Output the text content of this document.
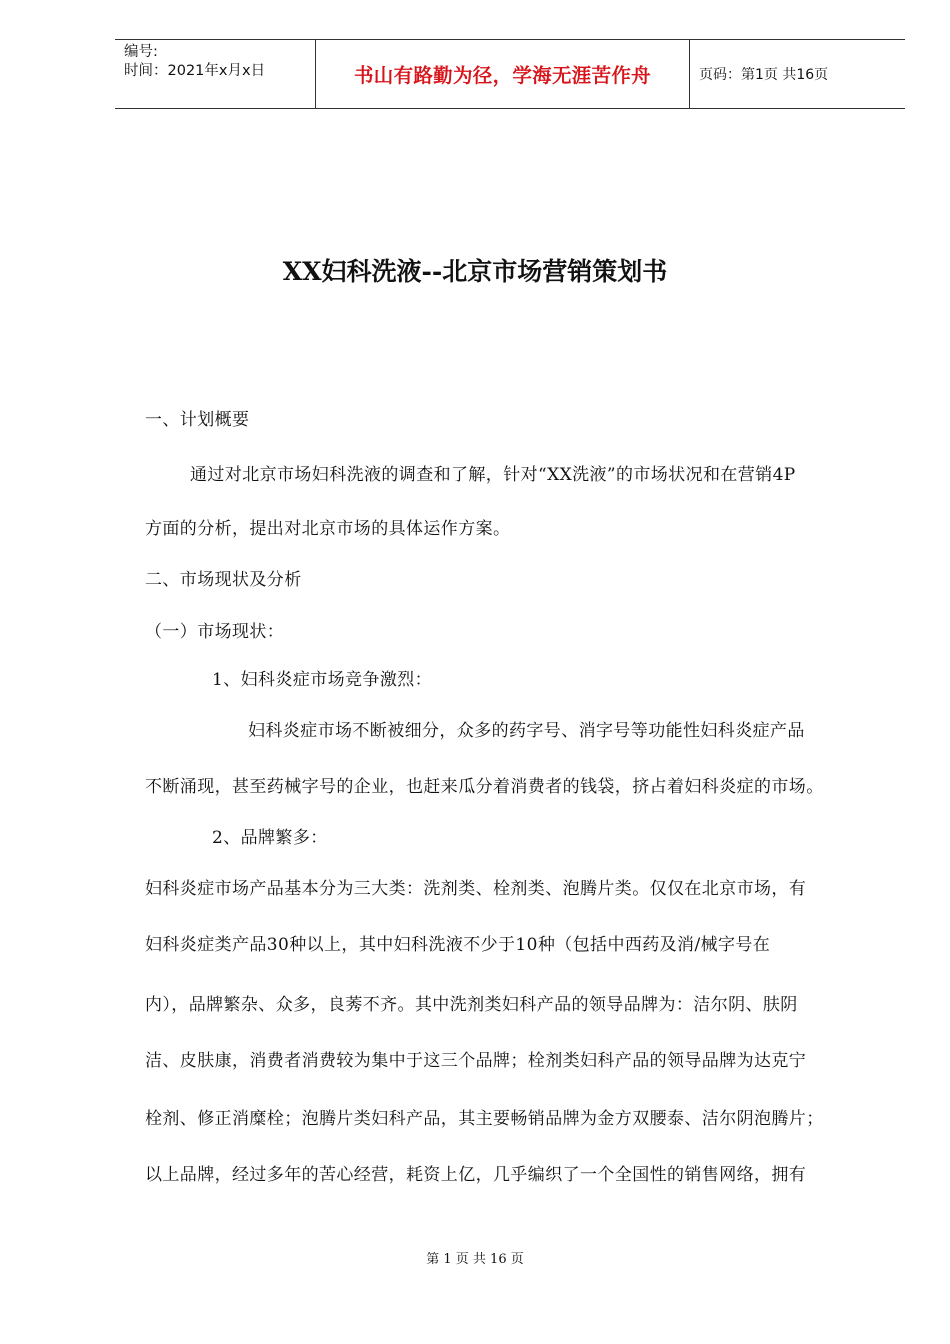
编号:
时间：2021年x月x日	书山有路勤为径，学海无涯苦作舟	页码：第1页 共16页
XX妇科洗液--北京市场营销策划书

一、计划概要

通过对北京市场妇科洗液的调查和了解，针对“XX洗液”的市场状况和在营销4P

方面的分析，提出对北京市场的具体运作方案。

二、市场现状及分析

（一）市场现状：

1、妇科炎症市场竞争激烈：

妇科炎症市场不断被细分，众多的药字号、消字号等功能性妇科炎症产品

不断涌现，甚至药械字号的企业，也赶来瓜分着消费者的钱袋，挤占着妇科炎症的市场。

2、品牌繁多：

妇科炎症市场产品基本分为三大类：洗剂类、栓剂类、泡腾片类。仅仅在北京市场，有

妇科炎症类产品30种以上，其中妇科洗液不少于10种（包括中西药及消/械字号在

内），品牌繁杂、众多，良莠不齐。其中洗剂类妇科产品的领导品牌为：洁尔阴、肤阴

洁、皮肤康，消费者消费较为集中于这三个品牌；栓剂类妇科产品的领导品牌为达克宁

栓剂、修正消糜栓；泡腾片类妇科产品，其主要畅销品牌为金方双腰泰、洁尔阴泡腾片；

以上品牌，经过多年的苦心经营，耗资上亿，几乎编织了一个全国性的销售网络，拥有

第 1 页 共 16 页
